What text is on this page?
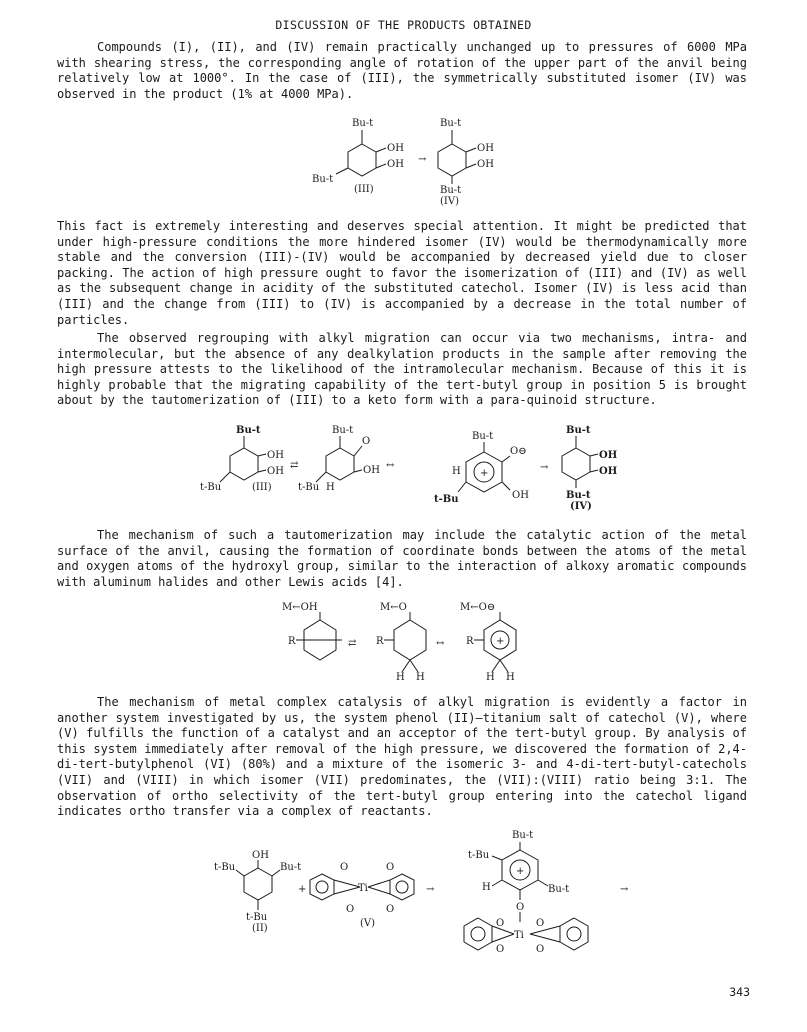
DISCUSSION OF THE PRODUCTS OBTAINED

Compounds (I), (II), and (IV) remain practically unchanged up to pressures of 6000 MPa with shearing stress, the corresponding angle of rotation of the upper part of the anvil being relatively low at 1000°. In the case of (III), the symmetrically substituted isomer (IV) was observed in the product (1% at 4000 MPa).

Bu-t
OH
OH
Bu-t
(III)
→
Bu-t
OH
OH
Bu-t
(IV)

This fact is extremely interesting and deserves special attention. It might be predicted that under high-pressure conditions the more hindered isomer (IV) would be thermodynamically more stable and the conversion (III)-(IV) would be accompanied by decreased yield due to closer packing. The action of high pressure ought to favor the isomerization of (III) and (IV) as well as the subsequent change in acidity of the substituted catechol. Isomer (IV) is less acid than (III) and the change from (III) to (IV) is accompanied by a decrease in the total number of particles.

The observed regrouping with alkyl migration can occur via two mechanisms, intra- and intermolecular, but the absence of any dealkylation products in the sample after removing the high pressure attests to the likelihood of the intramolecular mechanism. Because of this it is highly probable that the migrating capability of the tert-butyl group in position 5 is brought about by the tautomerization of (III) to a keto form with a para-quinoid structure.

Bu-t
OH
OH
t-Bu	(III)
⇄
Bu-t
O
OH
t-Bu H
↔
+
Bu-t
O⊖
H
t-Bu	OH
→
Bu-t
OH
OH
Bu-t
(IV)

The mechanism of such a tautomerization may include the catalytic action of the metal surface of the anvil, causing the formation of coordinate bonds between the atoms of the metal and oxygen atoms of the hydroxyl group, similar to the interaction of alkoxy aromatic compounds with aluminum halides and other Lewis acids [4].

M←OH
R	⇄
M←O
R
H H
↔
M←O⊖
+
R
H H

The mechanism of metal complex catalysis of alkyl migration is evidently a factor in another system investigated by us, the system phenol (II)—titanium salt of catechol (V), where (V) fulfills the function of a catalyst and an acceptor of the tert-butyl group. By analysis of this system immediately after removal of the high pressure, we discovered the formation of 2,4-di-tert-butylphenol (VI) (80%) and a mixture of the isomeric 3- and 4-di-tert-butyl-catechols (VII) and (VIII) in which isomer (VII) predominates, the (VII):(VIII) ratio being 3:1. The observation of ortho selectivity of the tert-butyl group entering into the catechol ligand indicates ortho transfer via a complex of reactants.

OH
t-Bu	Bu-t
t-Bu
(II)
+
O	O
Ti
O	O
(V)
→
+
Bu-t
t-Bu
H	Bu-t
O
Ti
O
O
O
O
→
343
